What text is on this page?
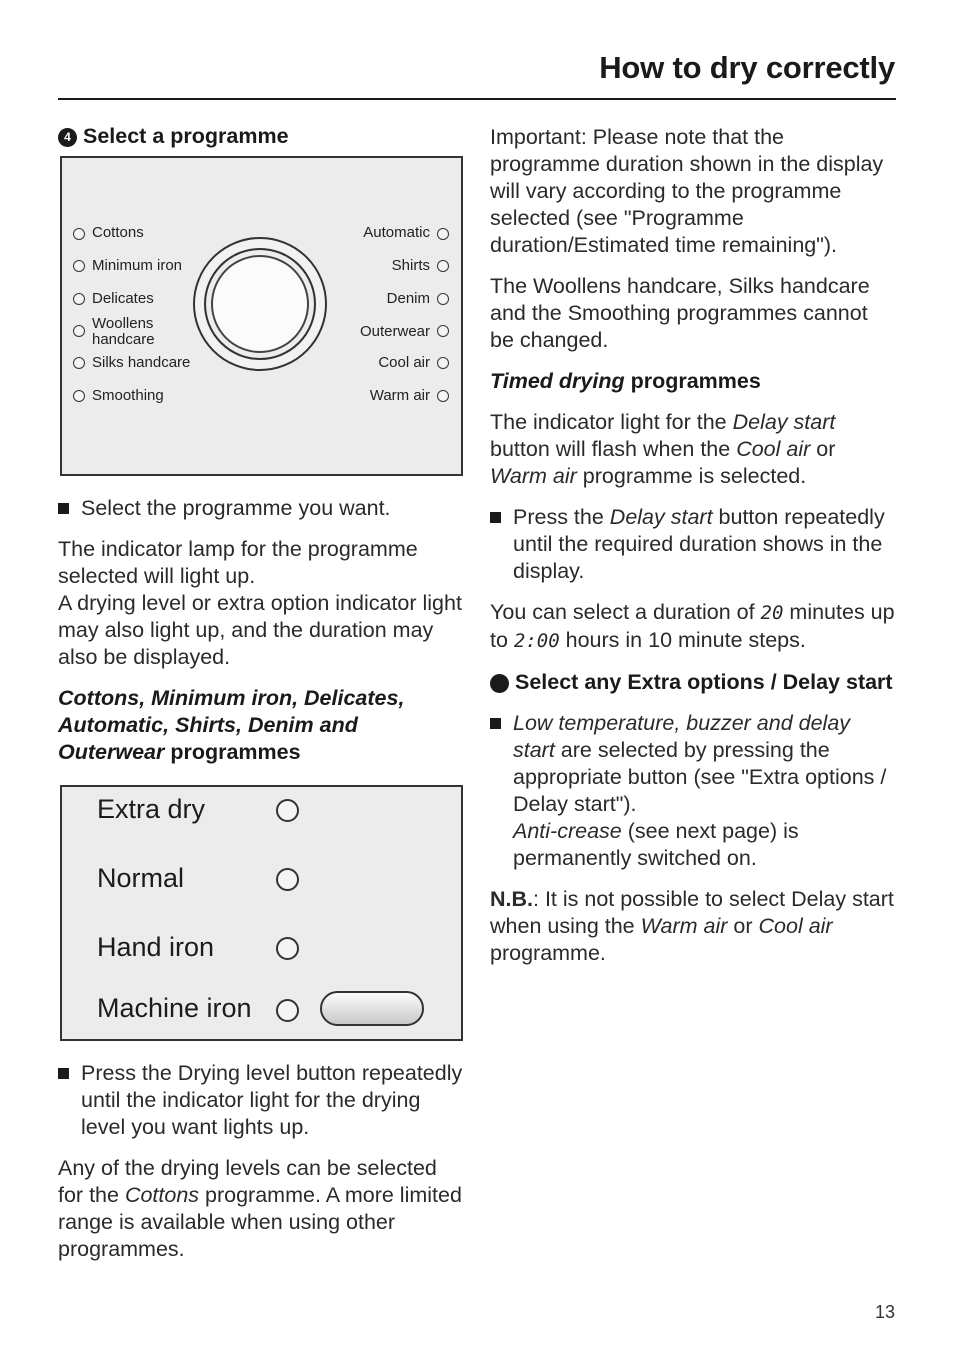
How to dry correctly
4 Select a programme
Cottons
Minimum iron
Delicates
Woollens handcare
Silks handcare
Smoothing
Automatic
Shirts
Denim
Outerwear
Cool air
Warm air

Select the programme you want.

The indicator lamp for the programme selected will light up.

A drying level or extra option indicator light may also light up, and the duration may also be displayed.

Cottons, Minimum iron, Delicates, Automatic, Shirts, Denim and Outerwear programmes

Extra dry
Normal
Hand iron
Machine iron

Press the Drying level button repeatedly until the indicator light for the drying level you want lights up.

Any of the drying levels can be selected for the Cottons programme. A more limited range is available when using other programmes.

Important: Please note that the programme duration shown in the display will vary according to the programme selected (see "Programme duration/Estimated time remaining").

The Woollens handcare, Silks handcare and the Smoothing programmes cannot be changed.

Timed drying programmes

The indicator light for the Delay start button will flash when the Cool air or Warm air programme is selected.

Press the Delay start button repeatedly until the required duration shows in the display.

You can select a duration of 20 minutes up to 2:00 hours in 10 minute steps.

5 Select any Extra options / Delay start

Low temperature, buzzer and delay start are selected by pressing the appropriate button (see "Extra options / Delay start").
Anti-crease (see next page) is permanently switched on.

N.B.: It is not possible to select Delay start when using the Warm air or Cool air programme.

13
